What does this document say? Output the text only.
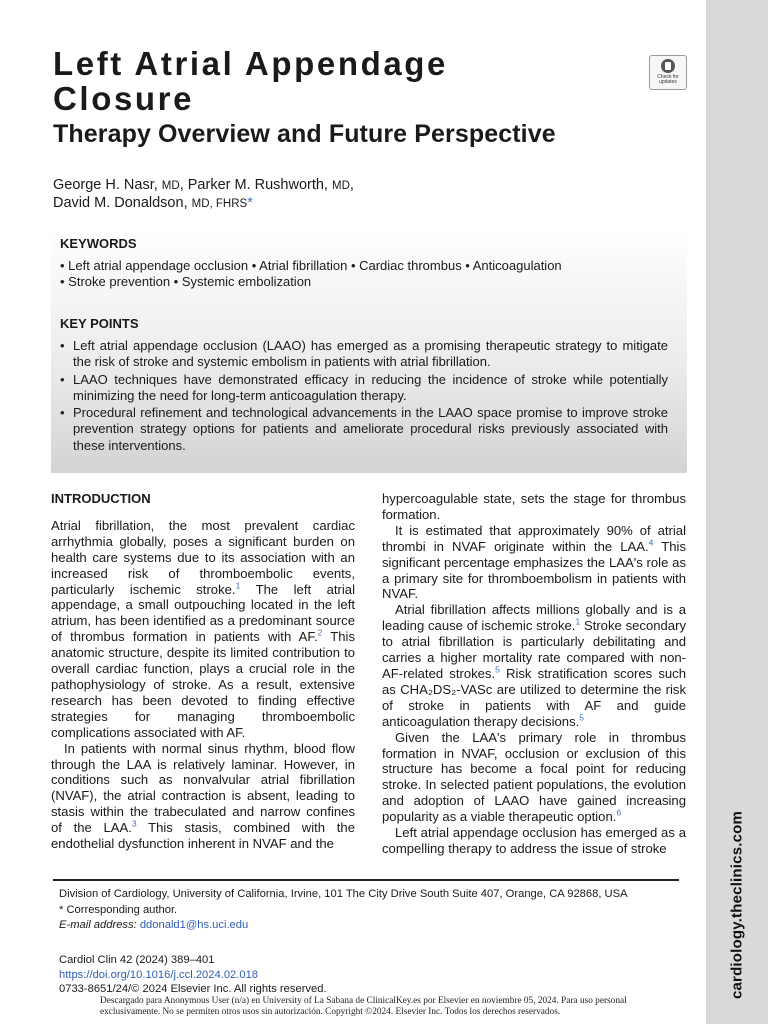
cardiology.theclinics.com
Left Atrial Appendage Closure
Therapy Overview and Future Perspective
Check for updates
George H. Nasr, MD, Parker M. Rushworth, MD,
David M. Donaldson, MD, FHRS*
KEYWORDS
• Left atrial appendage occlusion • Atrial fibrillation • Cardiac thrombus • Anticoagulation
• Stroke prevention • Systemic embolization
KEY POINTS
• Left atrial appendage occlusion (LAAO) has emerged as a promising therapeutic strategy to mitigate the risk of stroke and systemic embolism in patients with atrial fibrillation.
• LAAO techniques have demonstrated efficacy in reducing the incidence of stroke while potentially minimizing the need for long-term anticoagulation therapy.
• Procedural refinement and technological advancements in the LAAO space promise to improve stroke prevention strategy options for patients and ameliorate procedural risks previously associated with these interventions.
INTRODUCTION

Atrial fibrillation, the most prevalent cardiac arrhythmia globally, poses a significant burden on health care systems due to its association with an increased risk of thromboembolic events, particularly ischemic stroke.$^1$ The left atrial appendage, a small outpouching located in the left atrium, has been identified as a predominant source of thrombus formation in patients with AF.$^2$ This anatomic structure, despite its limited contribution to overall cardiac function, plays a crucial role in the pathophysiology of stroke. As a result, extensive research has been devoted to finding effective strategies for managing thromboembolic complications associated with AF.

In patients with normal sinus rhythm, blood flow through the LAA is relatively laminar. However, in conditions such as nonvalvular atrial fibrillation (NVAF), the atrial contraction is absent, leading to stasis within the trabeculated and narrow confines of the LAA.$^3$ This stasis, combined with the endothelial dysfunction inherent in NVAF and the

hypercoagulable state, sets the stage for thrombus formation.

It is estimated that approximately 90% of atrial thrombi in NVAF originate within the LAA.$^4$ This significant percentage emphasizes the LAA's role as a primary site for thromboembolism in patients with NVAF.

Atrial fibrillation affects millions globally and is a leading cause of ischemic stroke.$^1$ Stroke secondary to atrial fibrillation is particularly debilitating and carries a higher mortality rate compared with non-AF-related strokes.$^5$ Risk stratification scores such as CHA₂DS₂-VASc are utilized to determine the risk of stroke in patients with AF and guide anticoagulation therapy decisions.$^5$

Given the LAA's primary role in thrombus formation in NVAF, occlusion or exclusion of this structure has become a focal point for reducing stroke. In selected patient populations, the evolution and adoption of LAAO have gained increasing popularity as a viable therapeutic option.$^6$

Left atrial appendage occlusion has emerged as a compelling therapy to address the issue of stroke

Division of Cardiology, University of California, Irvine, 101 The City Drive South Suite 407, Orange, CA 92868, USA

* Corresponding author.

E-mail address: ddonald1@hs.uci.edu

Cardiol Clin 42 (2024) 389–401

https://doi.org/10.1016/j.ccl.2024.02.018

0733-8651/24/© 2024 Elsevier Inc. All rights reserved.

Descargado para Anonymous User (n/a) en University of La Sabana de ClinicalKey.es por Elsevier en noviembre 05, 2024. Para uso personal exclusivamente. No se permiten otros usos sin autorización. Copyright ©2024. Elsevier Inc. Todos los derechos reservados.
